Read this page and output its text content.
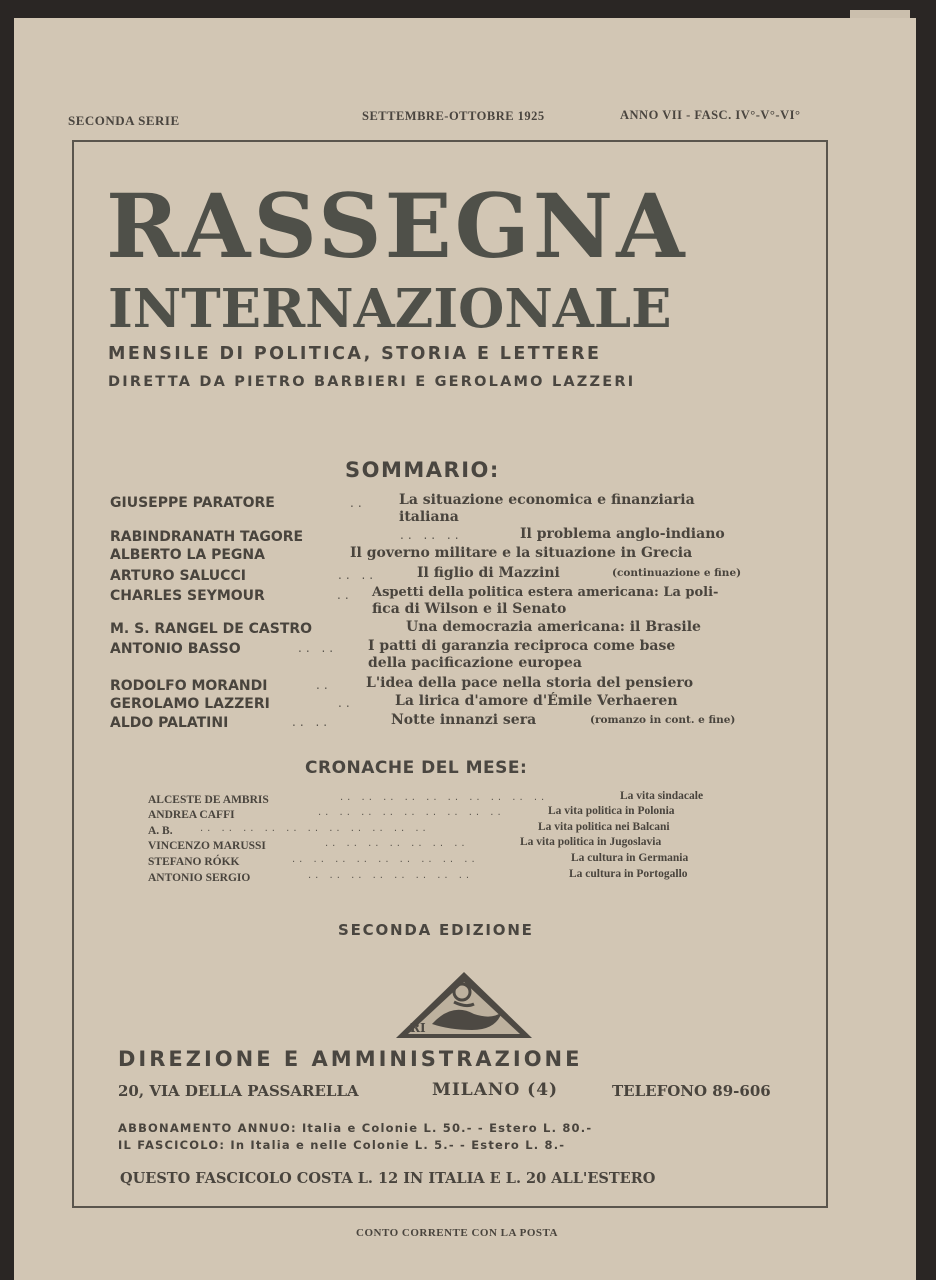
SECONDA SERIE	SETTEMBRE-OTTOBRE 1925	ANNO VII - FASC. IV°-V°-VI°
RASSEGNA
INTERNAZIONALE
MENSILE DI POLITICA, STORIA E LETTERE
DIRETTA DA PIETRO BARBIERI E GEROLAMO LAZZERI
SOMMARIO:
GIUSEPPE PARATORE	.. La situazione economica e finanziaria
italiana
RABINDRANATH TAGORE	.. .. ..	Il problema anglo-indiano
ALBERTO LA PEGNA	Il governo militare e la situazione in Grecia
ARTURO SALUCCI	.. ..	Il figlio di Mazzini	(continuazione e fine)
CHARLES SEYMOUR	.. Aspetti della politica estera americana: La poli-
fica di Wilson e il Senato
M. S. RANGEL DE CASTRO	Una democrazia americana: il Brasile
ANTONIO BASSO	.. .. I patti di garanzia reciproca come base
della pacificazione europea
RODOLFO MORANDI	.. L'idea della pace nella storia del pensiero
GEROLAMO LAZZERI	..	La lirica d'amore d'Émile Verhaeren
ALDO PALATINI	.. ..	Notte innanzi sera	(romanzo in cont. e fine)
CRONACHE DEL MESE:
ALCESTE DE AMBRIS	.. .. .. .. .. .. .. .. .. ..	La vita sindacale
ANDREA CAFFI	.. .. .. .. .. .. .. .. ..	La vita politica in Polonia
A. B.	.. .. .. .. .. .. .. .. .. .. ..	La vita politica nei Balcani
VINCENZO MARUSSI	.. .. .. .. .. .. ..	La vita politica in Jugoslavia
STEFANO RÓKK	.. .. .. .. .. .. .. .. ..	La cultura in Germania
ANTONIO SERGIO	.. .. .. .. .. .. .. ..	La cultura in Portogallo
SECONDA EDIZIONE
RI
DIREZIONE E AMMINISTRAZIONE
20, VIA DELLA PASSARELLA	MILANO (4)	TELEFONO 89-606
ABBONAMENTO ANNUO: Italia e Colonie L. 50.- - Estero L. 80.-
IL FASCICOLO: In Italia e nelle Colonie L. 5.- - Estero L. 8.-
QUESTO FASCICOLO COSTA L. 12 IN ITALIA E L. 20 ALL'ESTERO
CONTO CORRENTE CON LA POSTA
